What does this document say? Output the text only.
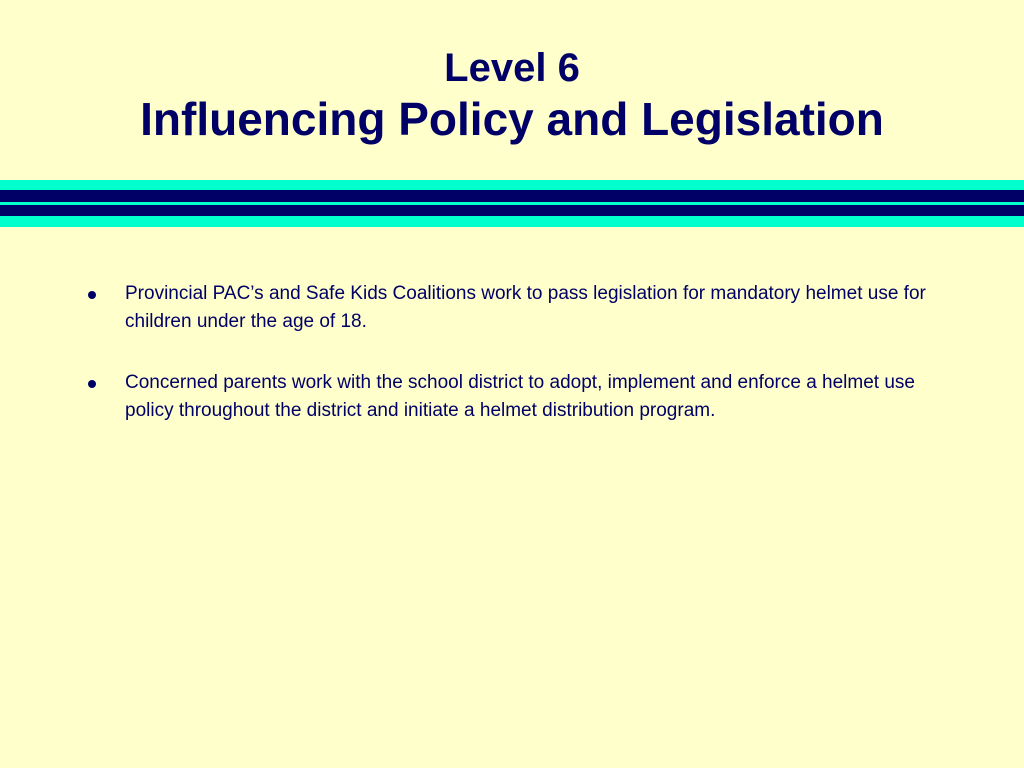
Level 6
Influencing Policy and Legislation
Provincial PAC’s and Safe Kids Coalitions work to pass legislation for mandatory helmet use for children under the age of 18.
Concerned parents work with the school district to adopt, implement and enforce a helmet use policy throughout the district and initiate a helmet distribution program.
